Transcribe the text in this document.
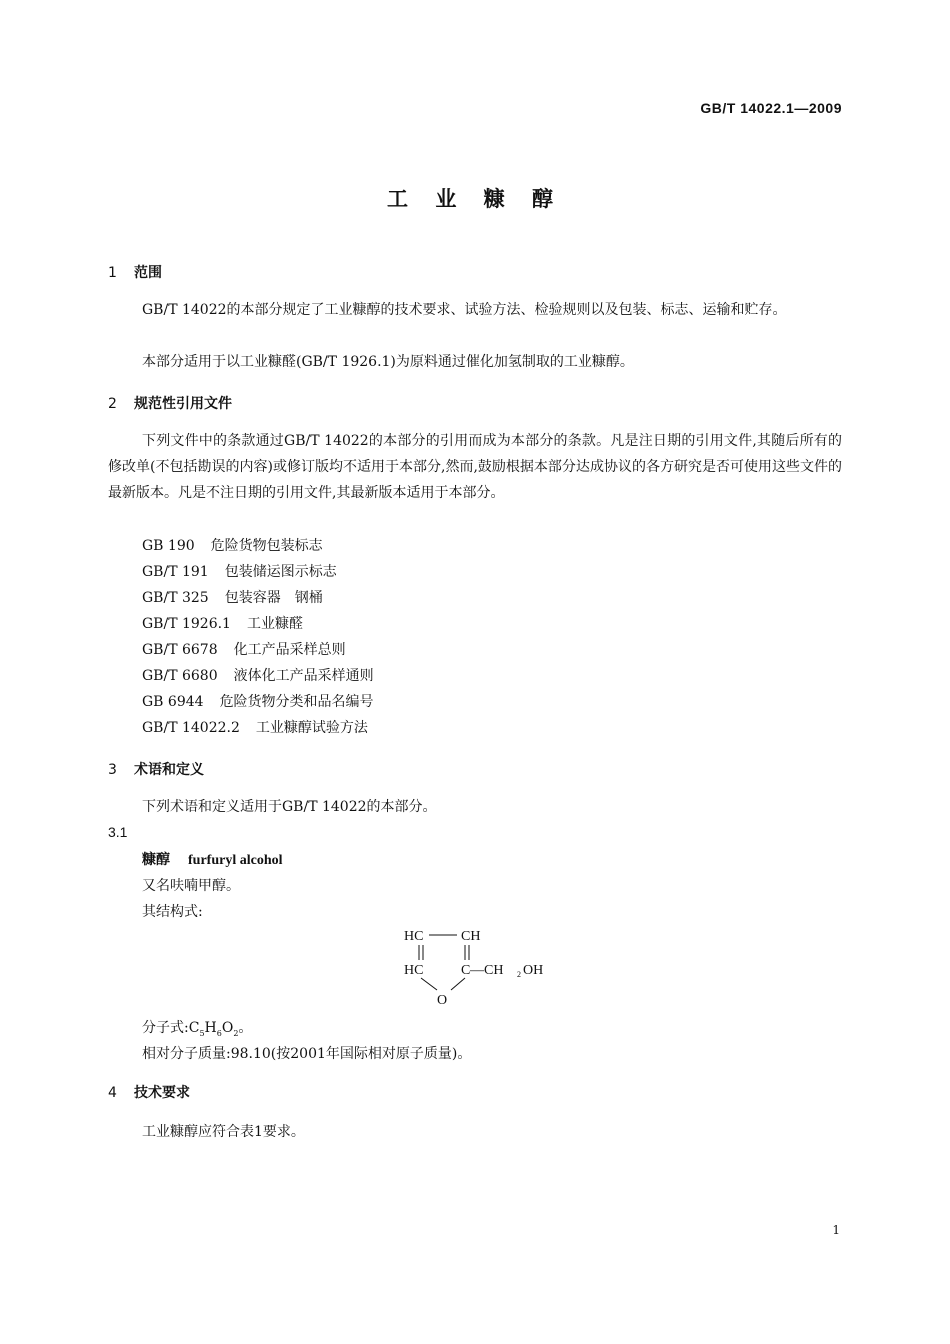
GB/T 14022.1—2009
工 业 糠 醇
1 范围
GB/T 14022的本部分规定了工业糠醇的技术要求、试验方法、检验规则以及包装、标志、运输和贮存。
本部分适用于以工业糠醛(GB/T 1926.1)为原料通过催化加氢制取的工业糠醇。
2 规范性引用文件
下列文件中的条款通过GB/T 14022的本部分的引用而成为本部分的条款。凡是注日期的引用文件,其随后所有的修改单(不包括勘误的内容)或修订版均不适用于本部分,然而,鼓励根据本部分达成协议的各方研究是否可使用这些文件的最新版本。凡是不注日期的引用文件,其最新版本适用于本部分。
GB 190 危险货物包装标志
GB/T 191 包装储运图示标志
GB/T 325 包装容器　钢桶
GB/T 1926.1 工业糠醛
GB/T 6678 化工产品采样总则
GB/T 6680 液体化工产品采样通则
GB 6944 危险货物分类和品名编号
GB/T 14022.2 工业糠醇试验方法
3 术语和定义
下列术语和定义适用于GB/T 14022的本部分。
3.1
糠醇 furfuryl alcohol
又名呋喃甲醇。
其结构式:
HC	CH
HC	C —CH 2 OH
O
分子式$:C_5H_6O_2$。
相对分子质量:98.10(按2001年国际相对原子质量)。
4 技术要求
工业糠醇应符合表1要求。
1
